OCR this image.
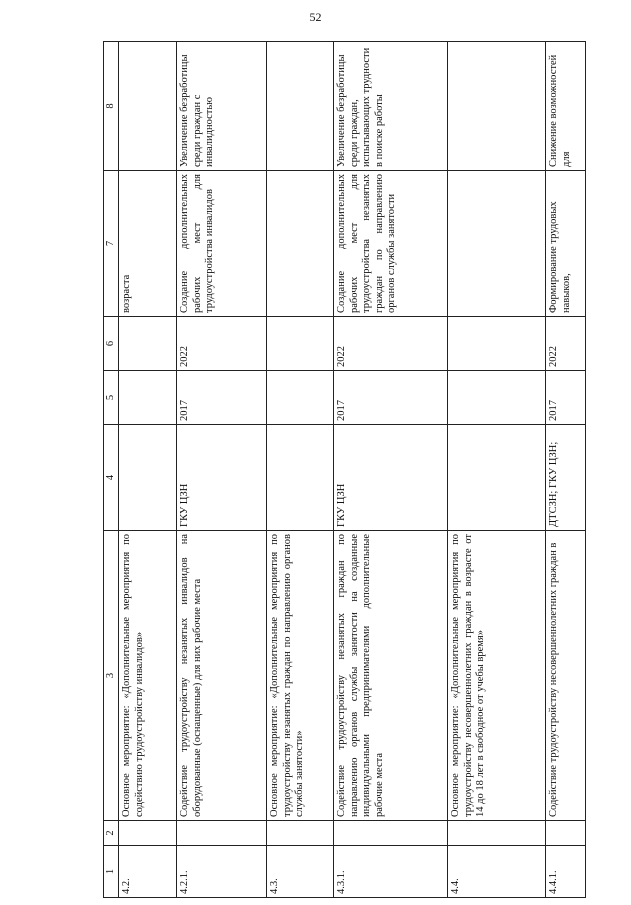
52
1	2	3	4	5	6	7	8
4.2.		Основное мероприятие: «Дополнительные мероприятия по содействию трудоустройству инвалидов»				возраста	
4.2.1.		Содействие трудоустройству незанятых инвалидов на оборудованные (оснащенные) для них рабочие места	ГКУ ЦЗН	2017	2022	Создание дополнительных рабочих мест для трудоустройства инвалидов	Увеличение безработицы среди граждан с инвалидностью
4.3.		Основное мероприятие: «Дополнительные мероприятия по трудоустройству незанятых граждан по направлению органов службы занятости»					
4.3.1.		Содействие трудоустройству незанятых граждан по направлению органов службы занятости на созданные индивидуальными предпринимателями дополнительные рабочие места	ГКУ ЦЗН	2017	2022	Создание дополнительных рабочих мест для трудоустройства незанятых граждан по направлению органов службы занятости	Увеличение безработицы среди граждан, испытывающих трудности в поиске работы
4.4.		Основное мероприятие: «Дополнительные мероприятия по трудоустройству несовершеннолетних граждан в возрасте от 14 до 18 лет в свободное от учебы время»					
4.4.1.		Содействие трудоустройству несовершеннолетних граждан в	ДТСЗН; ГКУ ЦЗН;	2017	2022	Формирование трудовых навыков,	Снижение возможностей для
